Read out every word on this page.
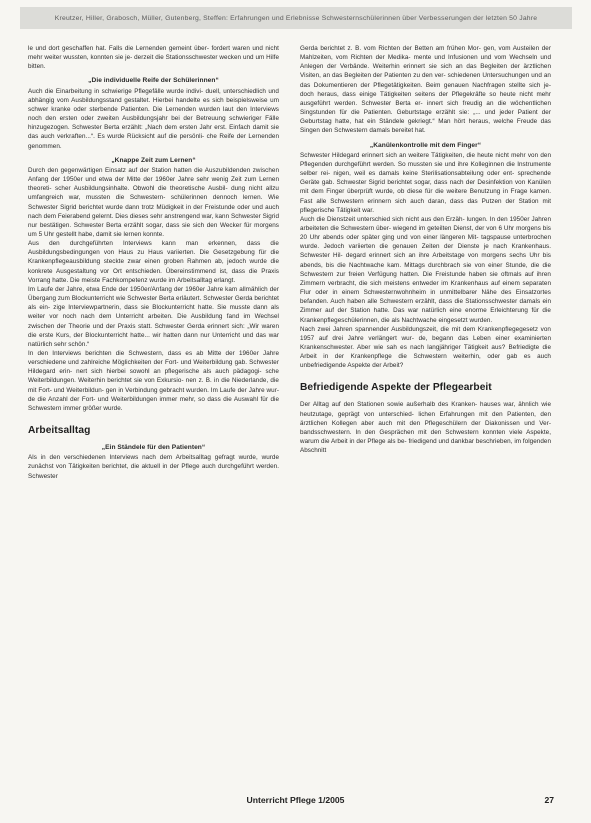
Kreutzer, Hiller, Grabosch, Müller, Gutenberg, Steffen: Erfahrungen und Erlebnisse Schwesternschülerinnen über Verbesserungen der letzten 50 Jahre

le und dort geschaffen hat. Falls die Lernenden gemeint über- fordert waren und nicht mehr weiter wussten, konnten sie je- derzeit die Stationsschwester wecken und um Hilfe bitten.

„Die individuelle Reife der Schülerinnen“

Auch die Einarbeitung in schwierige Pflegefälle wurde indivi- duell, unterschiedlich und abhängig vom Ausbildungsstand gestaltet. Hierbei handelte es sich beispielsweise um schwer kranke oder sterbende Patienten. Die Lernenden wurden laut den Interviews noch den ersten oder zweiten Ausbildungsjahr bei der Betreuung schwieriger Fälle hinzugezogen. Schwester Berta erzählt: „Nach dem ersten Jahr erst. Einfach damit sie das auch verkraften...“. Es wurde Rücksicht auf die persönli- che Reife der Lernenden genommen.

„Knappe Zeit zum Lernen“

Durch den gegenwärtigen Einsatz auf der Station hatten die Auszubildenden zwischen Anfang der 1950er und etwa der Mitte der 1960er Jahre sehr wenig Zeit zum Lernen theoreti- scher Ausbildungsinhalte. Obwohl die theoretische Ausbil- dung nicht allzu umfangreich war, mussten die Schwestern- schülerinnen dennoch lernen. Wie Schwester Sigrid berichtet wurde dann trotz Müdigkeit in der Freistunde oder und auch nach dem Feierabend gelernt. Dies dieses sehr anstrengend war, kann Schwester Sigrid nur bestätigen. Schwester Berta erzählt sogar, dass sie sich den Wecker für morgens um 5 Uhr gestellt habe, damit sie lernen konnte.

Aus den durchgeführten Interviews kann man erkennen, dass die Ausbildungsbedingungen von Haus zu Haus variierten. Die Gesetzgebung für die Krankenpflegeausbildung steckte zwar einen groben Rahmen ab, jedoch wurde die konkrete Ausgestaltung vor Ort entschieden. Übereinstimmend ist, dass die Praxis Vorrang hatte. Die meiste Fachkompetenz wurde im Arbeitsalltag erlangt.

Im Laufe der Jahre, etwa Ende der 1950er/Anfang der 1960er Jahre kam allmählich der Übergang zum Blockunterricht wie Schwester Berta erläutert. Schwester Gerda berichtet als ein- zige Interviewpartnerin, dass sie Blockunterricht hatte. Sie musste dann als weiter vor noch nach dem Unterricht arbeiten. Die Ausbildung fand im Wechsel zwischen der Theorie und der Praxis statt. Schwester Gerda erinnert sich: „Wir waren die erste Kurs, der Blockunterricht hatte... wir hatten dann nur Unterricht und das war natürlich sehr schön.“

In den Interviews berichten die Schwestern, dass es ab Mitte der 1960er Jahre verschiedene und zahlreiche Möglichkeiten der Fort- und Weiterbildung gab. Schwester Hildegard erin- nert sich hierbei sowohl an pflegerische als auch pädagogi- sche Weiterbildungen. Weiterhin berichtet sie von Exkursio- nen z. B. in die Niederlande, die mit Fort- und Weiterbildun- gen in Verbindung gebracht wurden. Im Laufe der Jahre wur- de die Anzahl der Fort- und Weiterbildungen immer mehr, so dass die Auswahl für die Schwestern immer größer wurde.

Arbeitsalltag

„Ein Ständele für den Patienten“

Als in den verschiedenen Interviews nach dem Arbeitsalltag gefragt wurde, wurde zunächst von Tätigkeiten berichtet, die aktuell in der Pflege auch durchgeführt werden. Schwester

Gerda berichtet z. B. vom Richten der Betten am frühen Mor- gen, vom Austeilen der Mahlzeiten, vom Richten der Medika- mente und Infusionen und vom Wechseln und Anlegen der Verbände. Weiterhin erinnert sie sich an das Begleiten der ärztlichen Visiten, an das Begleiten der Patienten zu den ver- schiedenen Untersuchungen und an das Dokumentieren der Pflegetätigkeiten. Beim genauen Nachfragen stellte sich je- doch heraus, dass einige Tätigkeiten seitens der Pflegekräfte so heute nicht mehr ausgeführt werden. Schwester Berta er- innert sich freudig an die wöchentlichen Singstunden für die Patienten. Geburtstage erzählt sie: „... und jeder Patient der Geburtstag hatte, hat ein Ständele gekriegt.“ Man hört heraus, welche Freude das Singen den Schwestern damals bereitet hat.

„Kanülenkontrolle mit dem Finger“

Schwester Hildegard erinnert sich an weitere Tätigkeiten, die heute nicht mehr von den Pflegenden durchgeführt werden. So mussten sie und ihre Kolleginnen die Instrumente selber rei- nigen, weil es damals keine Sterilisationsabteilung oder ent- sprechende Geräte gab. Schwester Sigrid berichtet sogar, dass nach der Desinfektion von Kanülen mit dem Finger überprüft wurde, ob diese für die weitere Benutzung in Frage kamen. Fast alle Schwestern erinnern sich auch daran, dass das Putzen der Station mit pflegerische Tätigkeit war.

Auch die Dienstzeit unterschied sich nicht aus den Erzäh- lungen. In den 1950er Jahren arbeiteten die Schwestern über- wiegend im geteilten Dienst, der von 6 Uhr morgens bis 20 Uhr abends oder später ging und von einer längeren Mit- tagspause unterbrochen wurde. Jedoch variierten die genauen Zeiten der Dienste je nach Krankenhaus. Schwester Hil- degard erinnert sich an ihre Arbeitstage von morgens sechs Uhr bis abends, bis die Nachtwache kam. Mittags durchbrach sie von einer Stunde, die die Schwestern zur freien Verfügung hatten. Die Freistunde haben sie oftmals auf ihren Zimmern verbracht, die sich meistens entweder im Krankenhaus auf einem separaten Flur oder in einem Schwesternwohnheim in unmittelbarer Nähe des Einsatzortes befanden. Auch haben alle Schwestern erzählt, dass die Stationsschwester damals ein Zimmer auf der Station hatte. Das war natürlich eine enorme Erleichterung für die Krankenpflegeschülerinnen, die als Nachtwache eingesetzt wurden.

Nach zwei Jahren spannender Ausbildungszeit, die mit dem Krankenpflegegesetz von 1957 auf drei Jahre verlängert wur- de, begann das Leben einer examinierten Krankenschwester. Aber wie sah es nach langjähriger Tätigkeit aus? Befriedigte die Arbeit in der Krankenpflege die Schwestern weiterhin, oder gab es auch unbefriedigende Aspekte der Arbeit?

Befriedigende Aspekte der Pflegearbeit

Der Alltag auf den Stationen sowie außerhalb des Kranken- hauses war, ähnlich wie heutzutage, geprägt von unterschied- lichen Erfahrungen mit den Patienten, den ärztlichen Kollegen aber auch mit den Pflegeschülern der Diakonissen und Ver- bandsschwestern. In den Gesprächen mit den Schwestern konnten viele Aspekte, warum die Arbeit in der Pflege als be- friedigend und dankbar beschrieben, im folgenden Abschnitt

Unterricht Pflege 1/2005	27
